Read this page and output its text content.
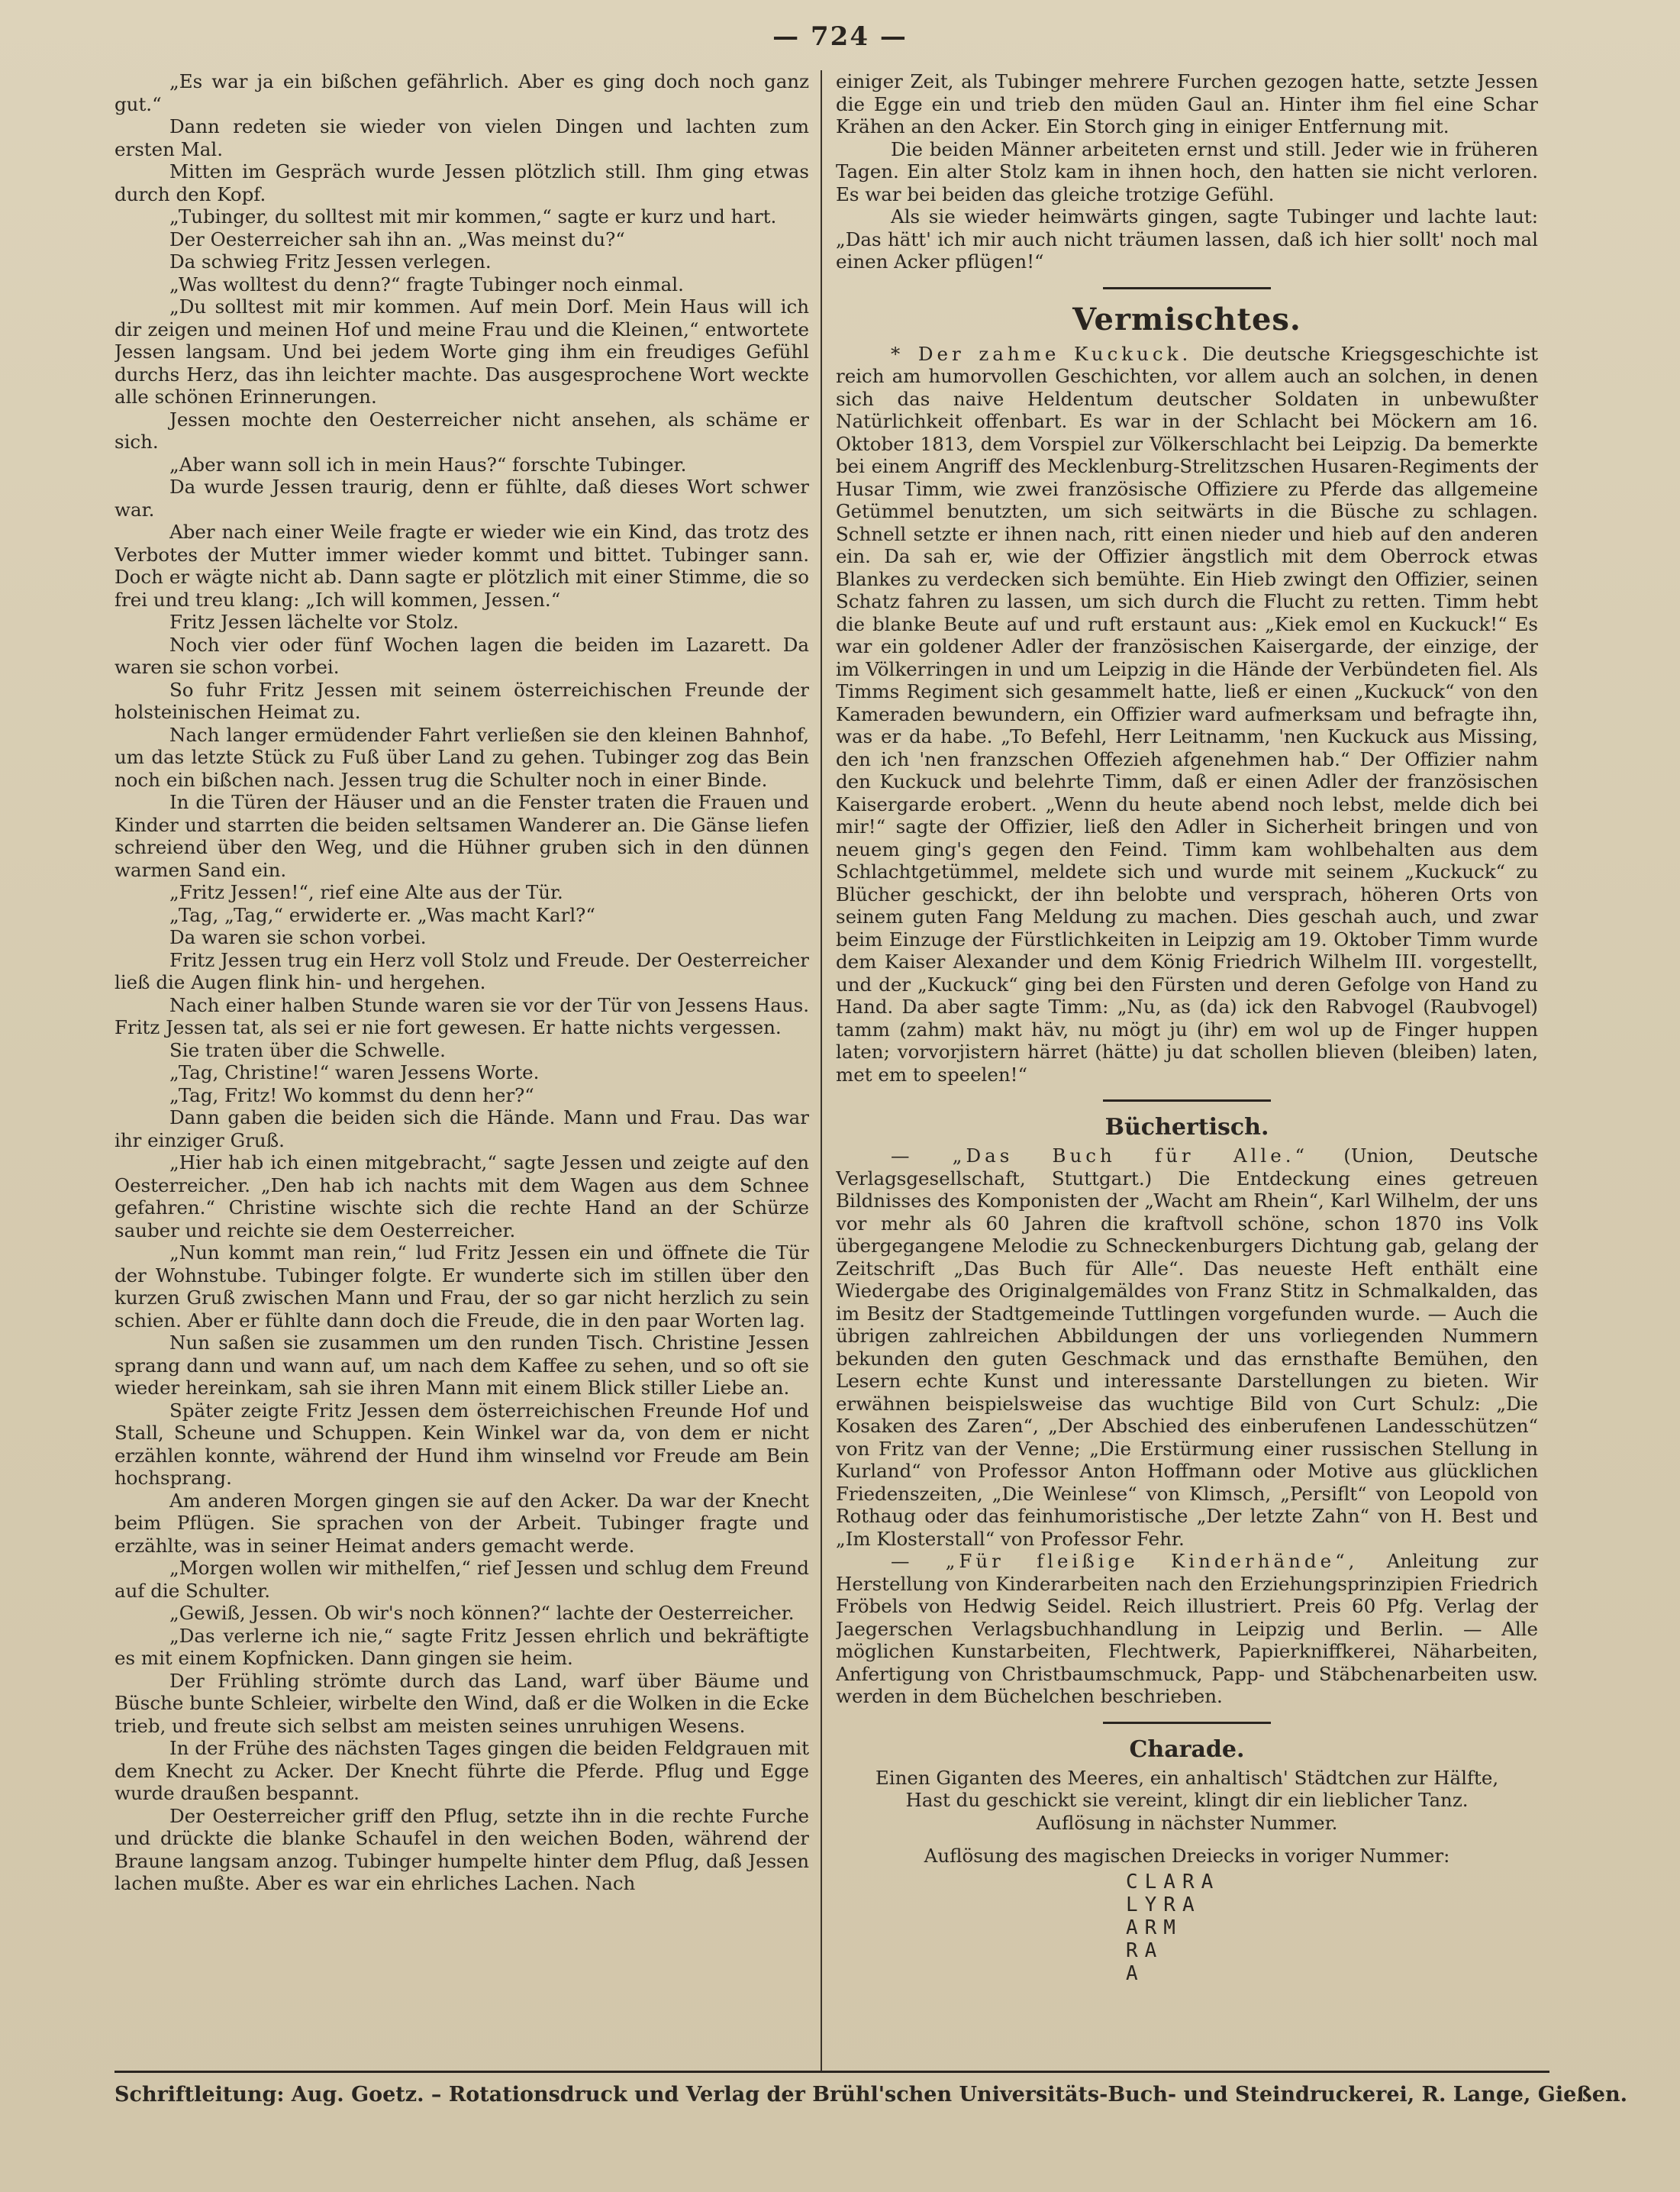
— 724 —

„Es war ja ein bißchen gefährlich. Aber es ging doch noch ganz gut.“

Dann redeten sie wieder von vielen Dingen und lachten zum ersten Mal.

Mitten im Gespräch wurde Jessen plötzlich still. Ihm ging etwas durch den Kopf.

„Tubinger, du solltest mit mir kommen,“ sagte er kurz und hart.

Der Oesterreicher sah ihn an. „Was meinst du?“

Da schwieg Fritz Jessen verlegen.

„Was wolltest du denn?“ fragte Tubinger noch einmal.

„Du solltest mit mir kommen. Auf mein Dorf. Mein Haus will ich dir zeigen und meinen Hof und meine Frau und die Kleinen,“ entwortete Jessen langsam. Und bei jedem Worte ging ihm ein freudiges Gefühl durchs Herz, das ihn leichter machte. Das ausgesprochene Wort weckte alle schönen Erinnerungen.

Jessen mochte den Oesterreicher nicht ansehen, als schäme er sich.

„Aber wann soll ich in mein Haus?“ forschte Tubinger.

Da wurde Jessen traurig, denn er fühlte, daß dieses Wort schwer war.

Aber nach einer Weile fragte er wieder wie ein Kind, das trotz des Verbotes der Mutter immer wieder kommt und bittet. Tubinger sann. Doch er wägte nicht ab. Dann sagte er plötzlich mit einer Stimme, die so frei und treu klang: „Ich will kommen, Jessen.“

Fritz Jessen lächelte vor Stolz.

Noch vier oder fünf Wochen lagen die beiden im Lazarett. Da waren sie schon vorbei.

So fuhr Fritz Jessen mit seinem österreichischen Freunde der holsteinischen Heimat zu.

Nach langer ermüdender Fahrt verließen sie den kleinen Bahnhof, um das letzte Stück zu Fuß über Land zu gehen. Tubinger zog das Bein noch ein bißchen nach. Jessen trug die Schulter noch in einer Binde.

In die Türen der Häuser und an die Fenster traten die Frauen und Kinder und starrten die beiden seltsamen Wanderer an. Die Gänse liefen schreiend über den Weg, und die Hühner gruben sich in den dünnen warmen Sand ein.

„Fritz Jessen!“, rief eine Alte aus der Tür.

„Tag, „Tag,“ erwiderte er. „Was macht Karl?“

Da waren sie schon vorbei.

Fritz Jessen trug ein Herz voll Stolz und Freude. Der Oesterreicher ließ die Augen flink hin- und hergehen.

Nach einer halben Stunde waren sie vor der Tür von Jessens Haus. Fritz Jessen tat, als sei er nie fort gewesen. Er hatte nichts vergessen.

Sie traten über die Schwelle.

„Tag, Christine!“ waren Jessens Worte.

„Tag, Fritz! Wo kommst du denn her?“

Dann gaben die beiden sich die Hände. Mann und Frau. Das war ihr einziger Gruß.

„Hier hab ich einen mitgebracht,“ sagte Jessen und zeigte auf den Oesterreicher. „Den hab ich nachts mit dem Wagen aus dem Schnee gefahren.“ Christine wischte sich die rechte Hand an der Schürze sauber und reichte sie dem Oesterreicher.

„Nun kommt man rein,“ lud Fritz Jessen ein und öffnete die Tür der Wohnstube. Tubinger folgte. Er wunderte sich im stillen über den kurzen Gruß zwischen Mann und Frau, der so gar nicht herzlich zu sein schien. Aber er fühlte dann doch die Freude, die in den paar Worten lag.

Nun saßen sie zusammen um den runden Tisch. Christine Jessen sprang dann und wann auf, um nach dem Kaffee zu sehen, und so oft sie wieder hereinkam, sah sie ihren Mann mit einem Blick stiller Liebe an.

Später zeigte Fritz Jessen dem österreichischen Freunde Hof und Stall, Scheune und Schuppen. Kein Winkel war da, von dem er nicht erzählen konnte, während der Hund ihm winselnd vor Freude am Bein hochsprang.

Am anderen Morgen gingen sie auf den Acker. Da war der Knecht beim Pflügen. Sie sprachen von der Arbeit. Tubinger fragte und erzählte, was in seiner Heimat anders gemacht werde.

„Morgen wollen wir mithelfen,“ rief Jessen und schlug dem Freund auf die Schulter.

„Gewiß, Jessen. Ob wir's noch können?“ lachte der Oesterreicher.

„Das verlerne ich nie,“ sagte Fritz Jessen ehrlich und bekräftigte es mit einem Kopfnicken. Dann gingen sie heim.

Der Frühling strömte durch das Land, warf über Bäume und Büsche bunte Schleier, wirbelte den Wind, daß er die Wolken in die Ecke trieb, und freute sich selbst am meisten seines unruhigen Wesens.

In der Frühe des nächsten Tages gingen die beiden Feldgrauen mit dem Knecht zu Acker. Der Knecht führte die Pferde. Pflug und Egge wurde draußen bespannt.

Der Oesterreicher griff den Pflug, setzte ihn in die rechte Furche und drückte die blanke Schaufel in den weichen Boden, während der Braune langsam anzog. Tubinger humpelte hinter dem Pflug, daß Jessen lachen mußte. Aber es war ein ehrliches Lachen. Nach

einiger Zeit, als Tubinger mehrere Furchen gezogen hatte, setzte Jessen die Egge ein und trieb den müden Gaul an. Hinter ihm fiel eine Schar Krähen an den Acker. Ein Storch ging in einiger Entfernung mit.

Die beiden Männer arbeiteten ernst und still. Jeder wie in früheren Tagen. Ein alter Stolz kam in ihnen hoch, den hatten sie nicht verloren. Es war bei beiden das gleiche trotzige Gefühl.

Als sie wieder heimwärts gingen, sagte Tubinger und lachte laut: „Das hätt' ich mir auch nicht träumen lassen, daß ich hier sollt' noch mal einen Acker pflügen!“

Vermischtes.

* Der zahme Kuckuck. Die deutsche Kriegsgeschichte ist reich am humorvollen Geschichten, vor allem auch an solchen, in denen sich das naive Heldentum deutscher Soldaten in unbewußter Natürlichkeit offenbart. Es war in der Schlacht bei Möckern am 16. Oktober 1813, dem Vorspiel zur Völkerschlacht bei Leipzig. Da bemerkte bei einem Angriff des Mecklenburg-Strelitzschen Husaren-Regiments der Husar Timm, wie zwei französische Offiziere zu Pferde das allgemeine Getümmel benutzten, um sich seitwärts in die Büsche zu schlagen. Schnell setzte er ihnen nach, ritt einen nieder und hieb auf den anderen ein. Da sah er, wie der Offizier ängstlich mit dem Oberrock etwas Blankes zu verdecken sich bemühte. Ein Hieb zwingt den Offizier, seinen Schatz fahren zu lassen, um sich durch die Flucht zu retten. Timm hebt die blanke Beute auf und ruft erstaunt aus: „Kiek emol en Kuckuck!“ Es war ein goldener Adler der französischen Kaisergarde, der einzige, der im Völkerringen in und um Leipzig in die Hände der Verbündeten fiel. Als Timms Regiment sich gesammelt hatte, ließ er einen „Kuckuck“ von den Kameraden bewundern, ein Offizier ward aufmerksam und befragte ihn, was er da habe. „To Befehl, Herr Leitnamm, 'nen Kuckuck aus Missing, den ich 'nen franzschen Offezieh afgenehmen hab.“ Der Offizier nahm den Kuckuck und belehrte Timm, daß er einen Adler der französischen Kaisergarde erobert. „Wenn du heute abend noch lebst, melde dich bei mir!“ sagte der Offizier, ließ den Adler in Sicherheit bringen und von neuem ging's gegen den Feind. Timm kam wohlbehalten aus dem Schlachtgetümmel, meldete sich und wurde mit seinem „Kuckuck“ zu Blücher geschickt, der ihn belobte und versprach, höheren Orts von seinem guten Fang Meldung zu machen. Dies geschah auch, und zwar beim Einzuge der Fürstlichkeiten in Leipzig am 19. Oktober Timm wurde dem Kaiser Alexander und dem König Friedrich Wilhelm III. vorgestellt, und der „Kuckuck“ ging bei den Fürsten und deren Gefolge von Hand zu Hand. Da aber sagte Timm: „Nu, as (da) ick den Rabvogel (Raubvogel) tamm (zahm) makt häv, nu mögt ju (ihr) em wol up de Finger huppen laten; vorvorjistern härret (hätte) ju dat schollen blieven (bleiben) laten, met em to speelen!“

Büchertisch.

— „Das Buch für Alle.“ (Union, Deutsche Verlagsgesellschaft, Stuttgart.) Die Entdeckung eines getreuen Bildnisses des Komponisten der „Wacht am Rhein“, Karl Wilhelm, der uns vor mehr als 60 Jahren die kraftvoll schöne, schon 1870 ins Volk übergegangene Melodie zu Schneckenburgers Dichtung gab, gelang der Zeitschrift „Das Buch für Alle“. Das neueste Heft enthält eine Wiedergabe des Originalgemäldes von Franz Stitz in Schmalkalden, das im Besitz der Stadtgemeinde Tuttlingen vorgefunden wurde. — Auch die übrigen zahlreichen Abbildungen der uns vorliegenden Nummern bekunden den guten Geschmack und das ernsthafte Bemühen, den Lesern echte Kunst und interessante Darstellungen zu bieten. Wir erwähnen beispielsweise das wuchtige Bild von Curt Schulz: „Die Kosaken des Zaren“, „Der Abschied des einberufenen Landesschützen“ von Fritz van der Venne; „Die Erstürmung einer russischen Stellung in Kurland“ von Professor Anton Hoffmann oder Motive aus glücklichen Friedenszeiten, „Die Weinlese“ von Klimsch, „Persiflt“ von Leopold von Rothaug oder das feinhumoristische „Der letzte Zahn“ von H. Best und „Im Klosterstall“ von Professor Fehr.

— „Für fleißige Kinderhände“, Anleitung zur Herstellung von Kinderarbeiten nach den Erziehungsprinzipien Friedrich Fröbels von Hedwig Seidel. Reich illustriert. Preis 60 Pfg. Verlag der Jaegerschen Verlagsbuchhandlung in Leipzig und Berlin. — Alle möglichen Kunstarbeiten, Flechtwerk, Papierkniffkerei, Näharbeiten, Anfertigung von Christbaumschmuck, Papp- und Stäbchenarbeiten usw. werden in dem Büchelchen beschrieben.

Charade.

Einen Giganten des Meeres, ein anhaltisch' Städtchen zur Hälfte,

Hast du geschickt sie vereint, klingt dir ein lieblicher Tanz.

Auflösung in nächster Nummer.

Auflösung des magischen Dreiecks in voriger Nummer:

CLARA
LYRA
ARM
RA
A
Schriftleitung: Aug. Goetz. – Rotationsdruck und Verlag der Brühl'schen Universitäts-Buch- und Steindruckerei, R. Lange, Gießen.
